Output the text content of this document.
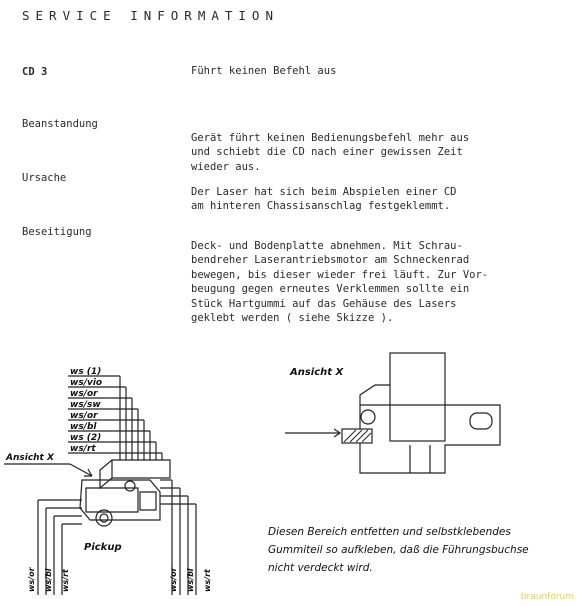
SERVICE INFORMATION
CD 3	Führt keinen Befehl aus
Beanstandung

Gerät führt keinen Bedienungsbefehl mehr aus
und schiebt die CD nach einer gewissen Zeit
wieder aus.

Ursache

Der Laser hat sich beim Abspielen einer CD
am hinteren Chassisanschlag festgeklemmt.

Beseitigung

Deck- und Bodenplatte abnehmen. Mit Schrau-
bendreher Laserantriebsmotor am Schneckenrad
bewegen, bis dieser wieder frei läuft. Zur Vor-
beugung gegen erneutes Verklemmen sollte ein
Stück Hartgummi auf das Gehäuse des Lasers
geklebt werden ( siehe Skizze ).

ws (1)
ws/vio
ws/or
ws/sw
ws/or
ws/bl
ws (2)
ws/rt
Ansicht X
Pickup
ws/or ws/bl ws/rt	ws/or ws/bl ws/rt
Ansicht X
Diesen Bereich entfetten und selbstklebendes
Gummiteil so aufkleben, daß die Führungsbuchse
nicht verdeckt wird.
braunforum
